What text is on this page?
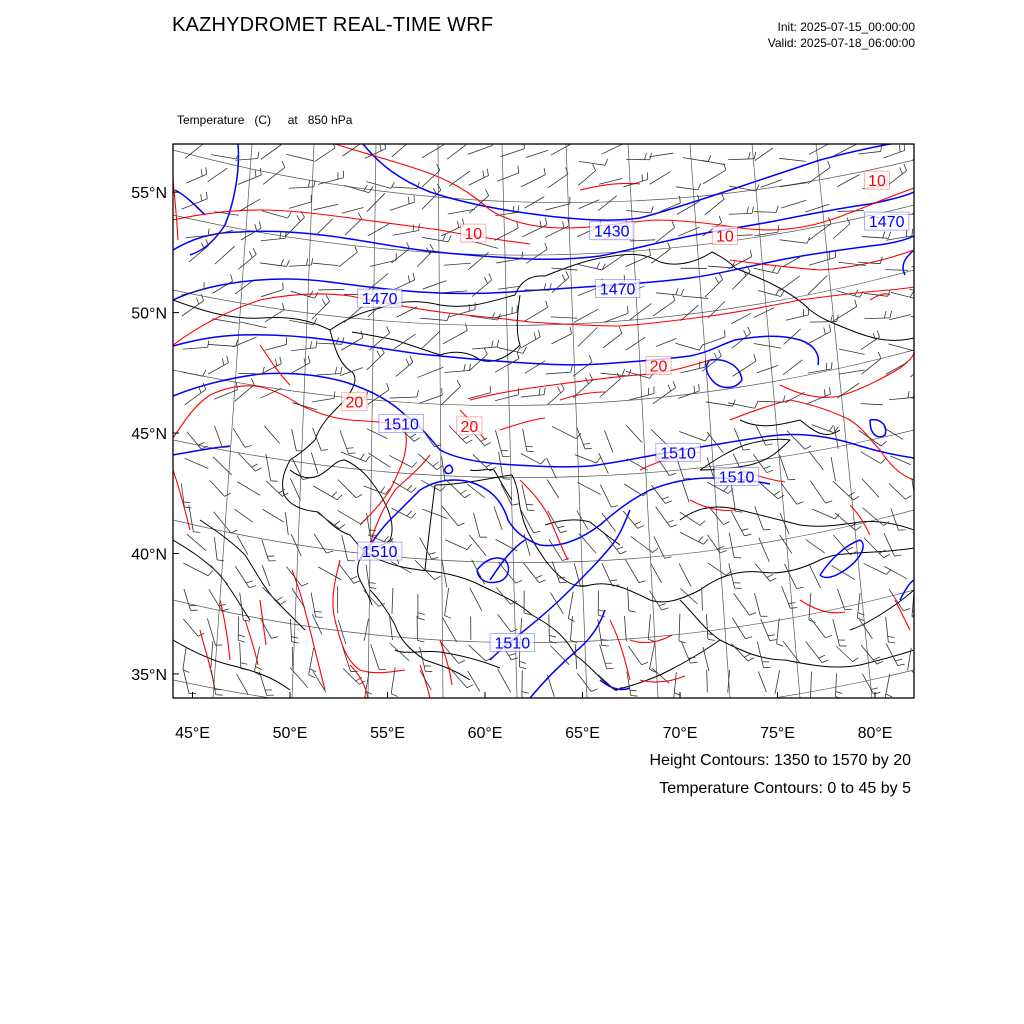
KAZHYDROMET REAL-TIME WRF	Init: 2025-07-15_00:00:00
Valid: 2025-07-18_06:00:00

Temperature   (C)     at   850 hPa

1430
1470
1470
1470
1510
1510
1510
1510
1510
10	10
10
20
20
20
55°N
50°N
45°N
40°N
35°N
45°E	50°E	55°E	60°E	65°E	70°E	75°E	80°E
Height Contours: 1350 to 1570 by 20
Temperature Contours: 0 to 45 by 5
